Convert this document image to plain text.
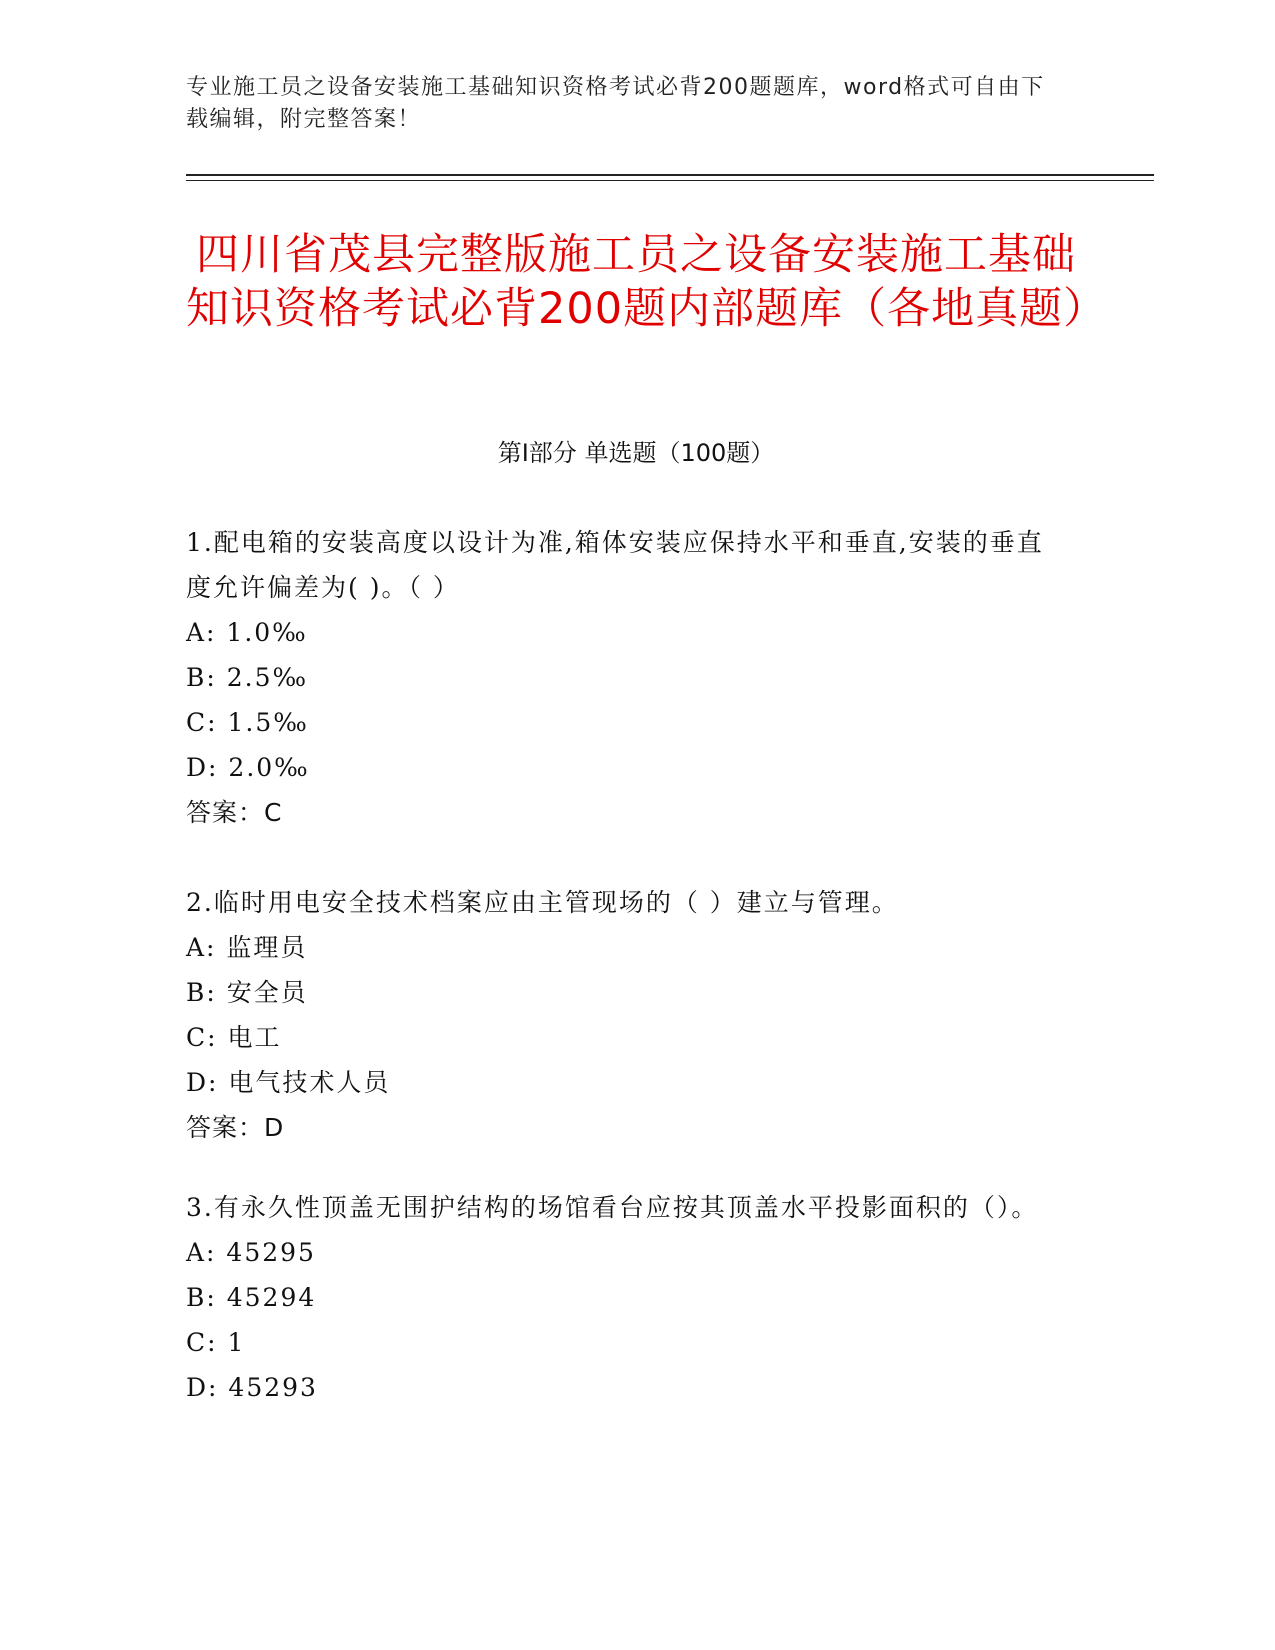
专业施工员之设备安装施工基础知识资格考试必背200题题库，word格式可自由下载编辑，附完整答案！
四川省茂县完整版施工员之设备安装施工基础知识资格考试必背200题内部题库（各地真题）
第I部分 单选题（100题）

1.配电箱的安装高度以设计为准,箱体安装应保持水平和垂直,安装的垂直度允许偏差为( )。（ ）

A: 1.0‰

B: 2.5‰

C: 1.5‰

D: 2.0‰

答案：C

2.临时用电安全技术档案应由主管现场的（ ）建立与管理。

A: 监理员

B: 安全员

C: 电工

D: 电气技术人员

答案：D

3.有永久性顶盖无围护结构的场馆看台应按其顶盖水平投影面积的（）。

A: 45295

B: 45294

C: 1

D: 45293
